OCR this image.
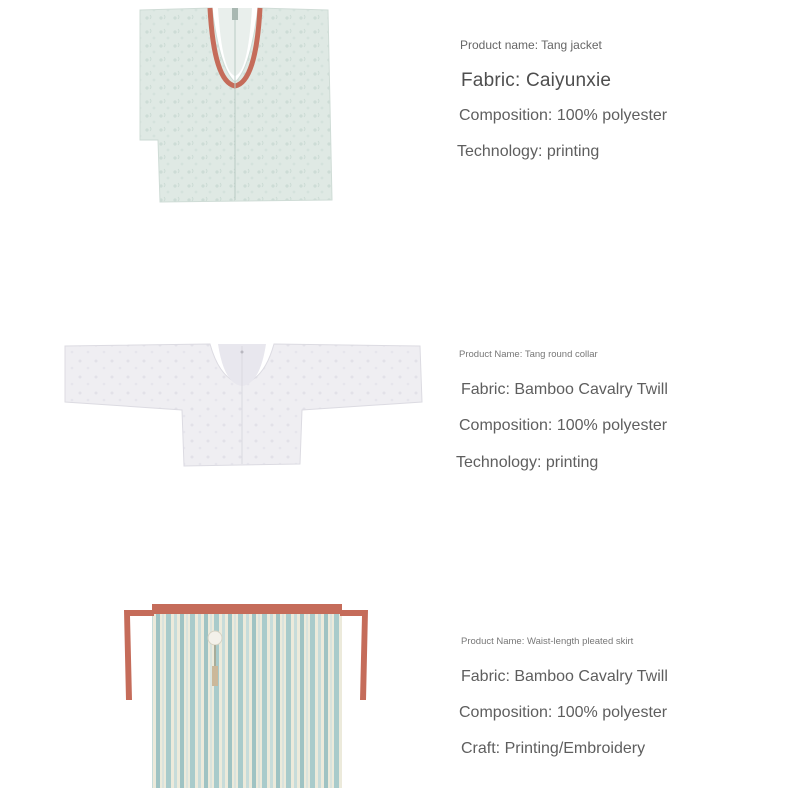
Product name: Tang jacket
Fabric: Caiyunxie
Composition: 100% polyester
Technology: printing
Product Name: Tang round collar
Fabric: Bamboo Cavalry Twill
Composition: 100% polyester
Technology: printing
Product Name: Waist-length pleated skirt
Fabric: Bamboo Cavalry Twill
Composition: 100% polyester
Craft: Printing/Embroidery
